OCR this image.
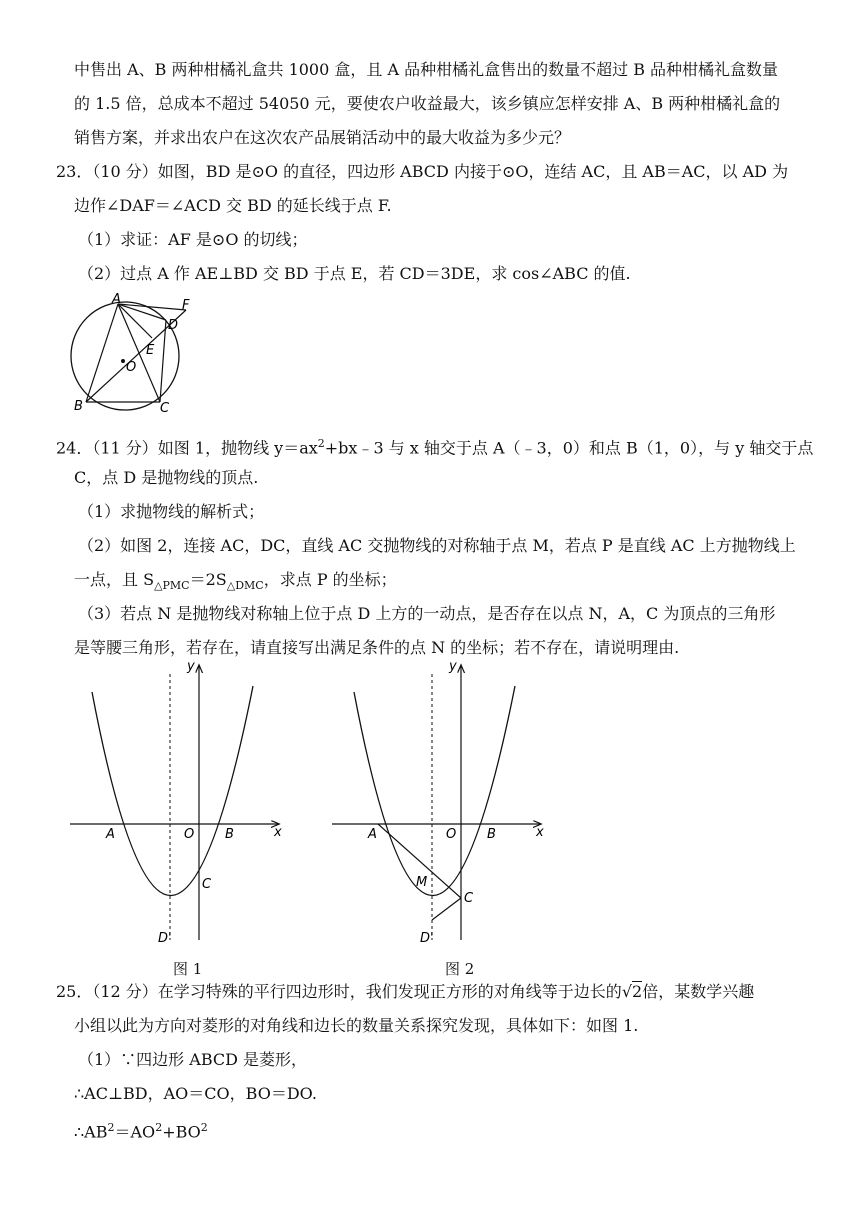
中售出 A、B 两种柑橘礼盒共 1000 盒，且 A 品种柑橘礼盒售出的数量不超过 B 品种柑橘礼盒数量
的 1.5 倍，总成本不超过 54050 元，要使农户收益最大，该乡镇应怎样安排 A、B 两种柑橘礼盒的
销售方案，并求出农户在这次农产品展销活动中的最大收益为多少元？
23．（10 分）如图，BD 是⊙O 的直径，四边形 ABCD 内接于⊙O，连结 AC，且 AB＝AC，以 AD 为
边作∠DAF＝∠ACD 交 BD 的延长线于点 F.
（1）求证：AF 是⊙O 的切线；
（2）过点 A 作 AE⊥BD 交 BD 于点 E，若 CD＝3DE，求 cos∠ABC 的值.
A	F
D
E
O
B	C
24．（11 分）如图 1，抛物线 $y=ax^2+bx﹣3$ 与 x 轴交于点 A（﹣3，0）和点 B（1，0），与 y 轴交于点
C，点 D 是抛物线的顶点.
（1）求抛物线的解析式；
（2）如图 2，连接 AC，DC，直线 AC 交抛物线的对称轴于点 M，若点 P 是直线 AC 上方抛物线上
一点，且 $S_{\triangle PMC}=2S_{\triangle DMC}$，求点 P 的坐标；
（3）若点 N 是抛物线对称轴上位于点 D 上方的一动点，是否存在以点 N，A，C 为顶点的三角形
是等腰三角形，若存在，请直接写出满足条件的点 N 的坐标；若不存在，请说明理由.
x
y
A	O B
C
D'
图 1
x
y
A	O B
M
C
D'
图 2
25．（12 分）在学习特殊的平行四边形时，我们发现正方形的对角线等于边长的√2倍，某数学兴趣
小组以此为方向对菱形的对角线和边长的数量关系探究发现，具体如下：如图 1.
（1）∵四边形 ABCD 是菱形，
∴AC⊥BD，AO＝CO，BO＝DO.
$\therefore AB^2=AO^2+BO^2$
